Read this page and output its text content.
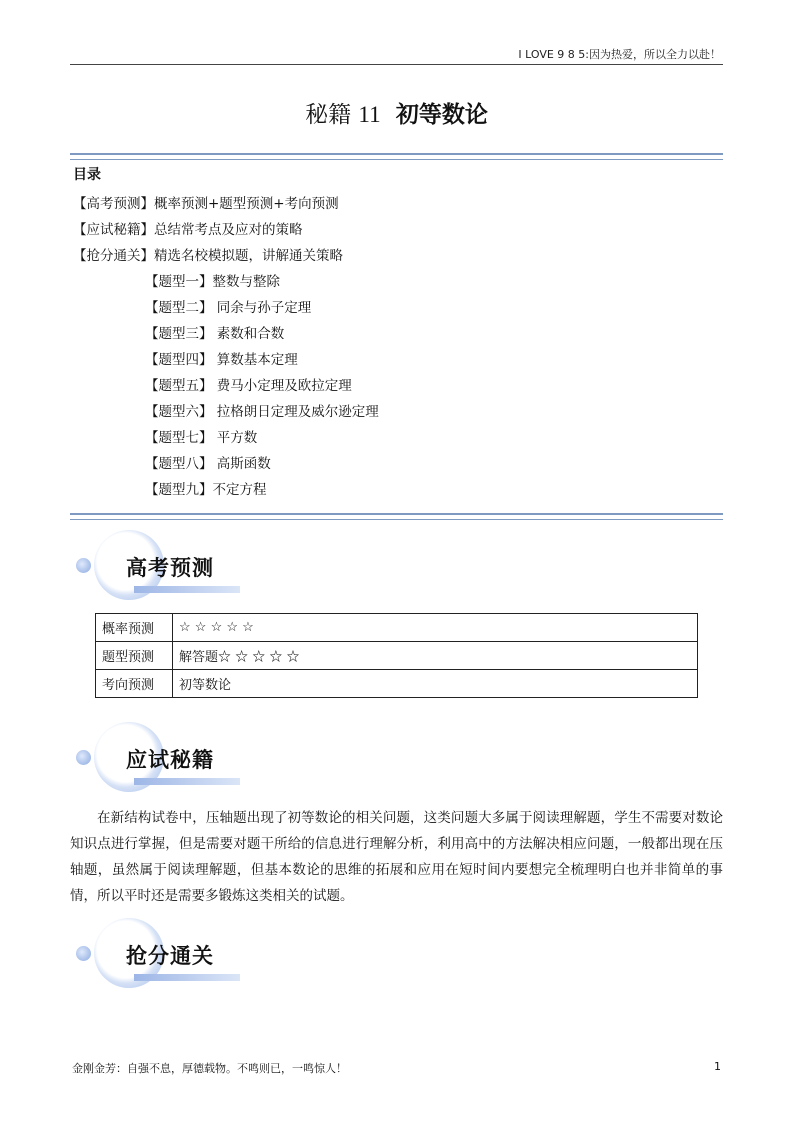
I LOVE 9 8 5:因为热爱，所以全力以赴！
秘籍 11 初等数论
目录
【高考预测】概率预测+题型预测+考向预测
【应试秘籍】总结常考点及应对的策略
【抢分通关】精选名校模拟题，讲解通关策略
【题型一】整数与整除
【题型二】 同余与孙子定理
【题型三】 素数和合数
【题型四】 算数基本定理
【题型五】 费马小定理及欧拉定理
【题型六】 拉格朗日定理及威尔逊定理
【题型七】 平方数
【题型八】 高斯函数
【题型九】不定方程
高考预测
概率预测	☆ ☆ ☆ ☆ ☆
题型预测	解答题☆ ☆ ☆ ☆ ☆
考向预测	初等数论
应试秘籍
在新结构试卷中，压轴题出现了初等数论的相关问题，这类问题大多属于阅读理解题，学生不需要对数论知识点进行掌握，但是需要对题干所给的信息进行理解分析，利用高中的方法解决相应问题，一般都出现在压轴题，虽然属于阅读理解题，但基本数论的思维的拓展和应用在短时间内要想完全梳理明白也并非简单的事情，所以平时还是需要多锻炼这类相关的试题。
抢分通关
金刚金芳：自强不息，厚德载物。不鸣则已，一鸣惊人！	1
